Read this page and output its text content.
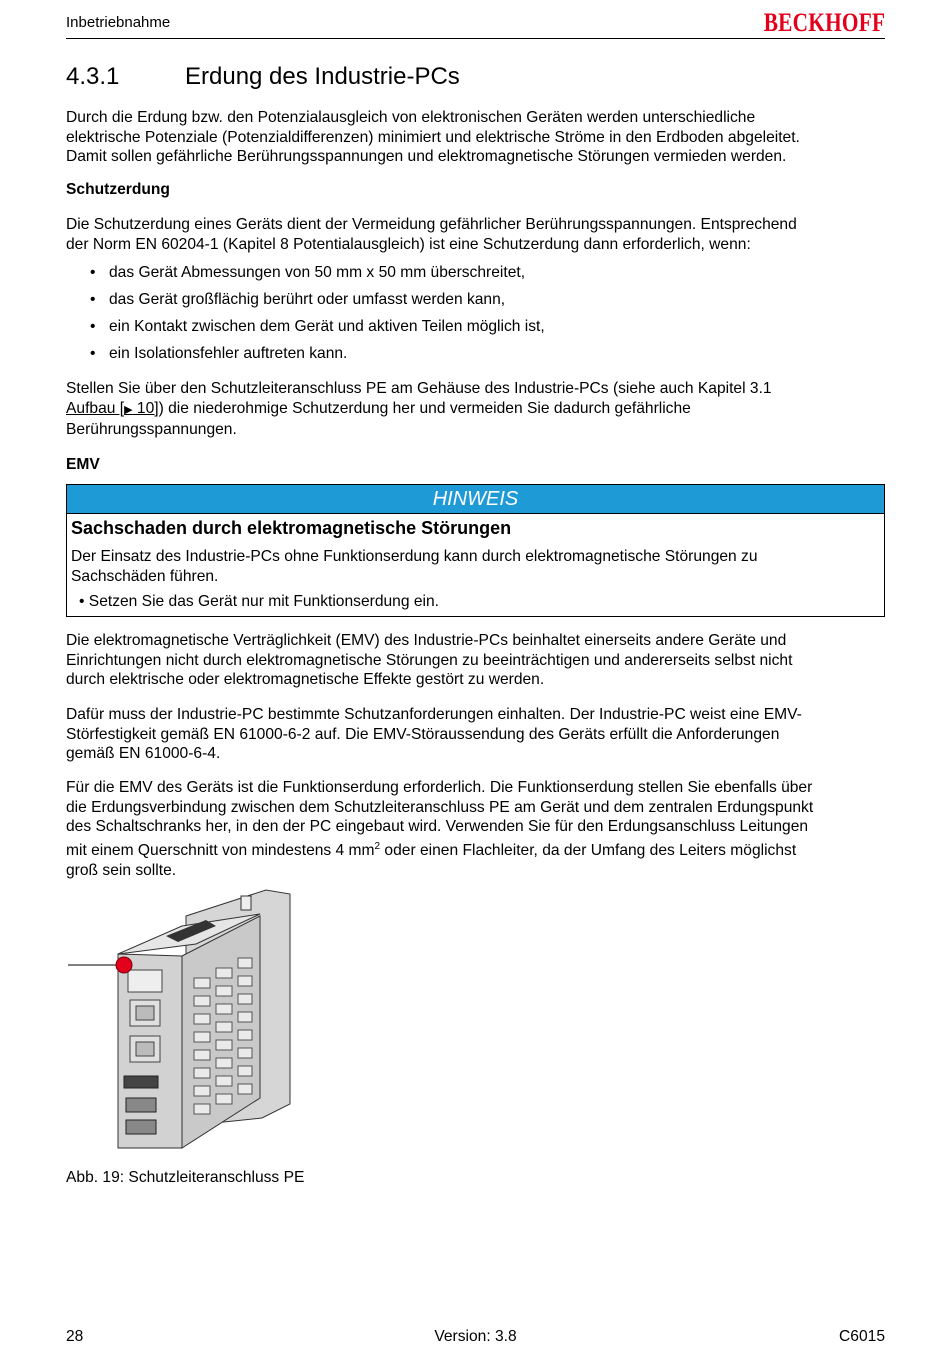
Inbetriebnahme	BECKHOFF
4.3.1	Erdung des Industrie-PCs

Durch die Erdung bzw. den Potenzialausgleich von elektronischen Geräten werden unterschiedliche

elektrische Potenziale (Potenzialdifferenzen) minimiert und elektrische Ströme in den Erdboden abgeleitet.

Damit sollen gefährliche Berührungsspannungen und elektromagnetische Störungen vermieden werden.

Schutzerdung

Die Schutzerdung eines Geräts dient der Vermeidung gefährlicher Berührungsspannungen. Entsprechend

der Norm EN 60204-1 (Kapitel 8 Potentialausgleich) ist eine Schutzerdung dann erforderlich, wenn:

• das Gerät Abmessungen von 50 mm x 50 mm überschreitet,
• das Gerät großflächig berührt oder umfasst werden kann,
• ein Kontakt zwischen dem Gerät und aktiven Teilen möglich ist,
• ein Isolationsfehler auftreten kann.

Stellen Sie über den Schutzleiteranschluss PE am Gehäuse des Industrie-PCs (siehe auch Kapitel 3.1

Aufbau [▶ 10]) die niederohmige Schutzerdung her und vermeiden Sie dadurch gefährliche

Berührungsspannungen.

EMV
HINWEIS
Sachschaden durch elektromagnetische Störungen

Der Einsatz des Industrie-PCs ohne Funktionserdung kann durch elektromagnetische Störungen zu

Sachschäden führen.

• Setzen Sie das Gerät nur mit Funktionserdung ein.

Die elektromagnetische Verträglichkeit (EMV) des Industrie-PCs beinhaltet einerseits andere Geräte und

Einrichtungen nicht durch elektromagnetische Störungen zu beeinträchtigen und andererseits selbst nicht

durch elektrische oder elektromagnetische Effekte gestört zu werden.

Dafür muss der Industrie-PC bestimmte Schutzanforderungen einhalten. Der Industrie-PC weist eine EMV-

Störfestigkeit gemäß EN 61000-6-2 auf. Die EMV-Störaussendung des Geräts erfüllt die Anforderungen

gemäß EN 61000-6-4.

Für die EMV des Geräts ist die Funktionserdung erforderlich. Die Funktionserdung stellen Sie ebenfalls über

die Erdungsverbindung zwischen dem Schutzleiteranschluss PE am Gerät und dem zentralen Erdungspunkt

des Schaltschranks her, in den der PC eingebaut wird. Verwenden Sie für den Erdungsanschluss Leitungen

mit einem Querschnitt von mindestens 4 $mm^2$ oder einen Flachleiter, da der Umfang des Leiters möglichst

groß sein sollte.

Abb. 19: Schutzleiteranschluss PE
28	Version: 3.8	C6015
